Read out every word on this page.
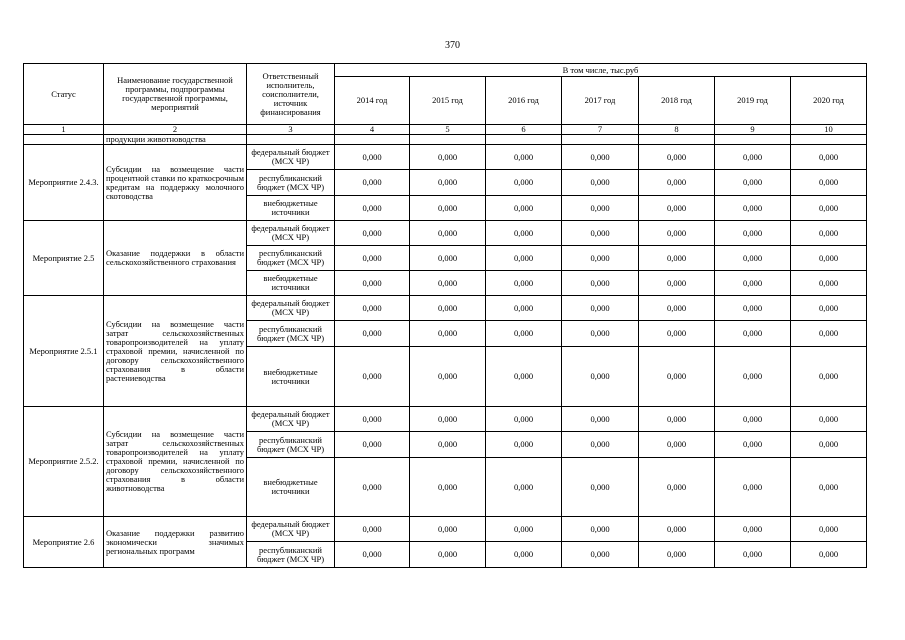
370
Статус	Наименование государственной программы, подпрограммы государственной программы, мероприятий	Ответственный исполнитель, соисполнители, источник финансирования	В том числе, тыс.руб						
			2014 год	2015 год	2016 год	2017 год	2018 год	2019 год	2020 год
1	2	3	4	5	6	7	8	9	10
	продукции животноводства								
Мероприятие 2.4.3.	Субсидии на возмещение части процентной ставки по краткосрочным кредитам на поддержку молочного скотоводства	федеральный бюджет (МСХ ЧР)	0,000	0,000	0,000	0,000	0,000	0,000	0,000
		республиканский бюджет (МСХ ЧР)	0,000	0,000	0,000	0,000	0,000	0,000	0,000
		внебюджетные источники	0,000	0,000	0,000	0,000	0,000	0,000	0,000
Мероприятие 2.5	Оказание поддержки в области сельскохозяйственного страхования	федеральный бюджет (МСХ ЧР)	0,000	0,000	0,000	0,000	0,000	0,000	0,000
		республиканский бюджет (МСХ ЧР)	0,000	0,000	0,000	0,000	0,000	0,000	0,000
		внебюджетные источники	0,000	0,000	0,000	0,000	0,000	0,000	0,000
Мероприятие 2.5.1	Субсидии на возмещение части затрат сельскохозяйственных товаропроизводителей на уплату страховой премии, начисленной по договору сельскохозяйственного страхования в области растениеводства	федеральный бюджет (МСХ ЧР)	0,000	0,000	0,000	0,000	0,000	0,000	0,000
		республиканский бюджет (МСХ ЧР)	0,000	0,000	0,000	0,000	0,000	0,000	0,000
		внебюджетные источники	0,000	0,000	0,000	0,000	0,000	0,000	0,000
Мероприятие 2.5.2.	Субсидии на возмещение части затрат сельскохозяйственных товаропроизводителей на уплату страховой премии, начисленной по договору сельскохозяйственного страхования в области животноводства	федеральный бюджет (МСХ ЧР)	0,000	0,000	0,000	0,000	0,000	0,000	0,000
		республиканский бюджет (МСХ ЧР)	0,000	0,000	0,000	0,000	0,000	0,000	0,000
		внебюджетные источники	0,000	0,000	0,000	0,000	0,000	0,000	0,000
Мероприятие 2.6	Оказание поддержки развитию экономически значимых региональных программ	федеральный бюджет (МСХ ЧР)	0,000	0,000	0,000	0,000	0,000	0,000	0,000
		республиканский бюджет (МСХ ЧР)	0,000	0,000	0,000	0,000	0,000	0,000	0,000
